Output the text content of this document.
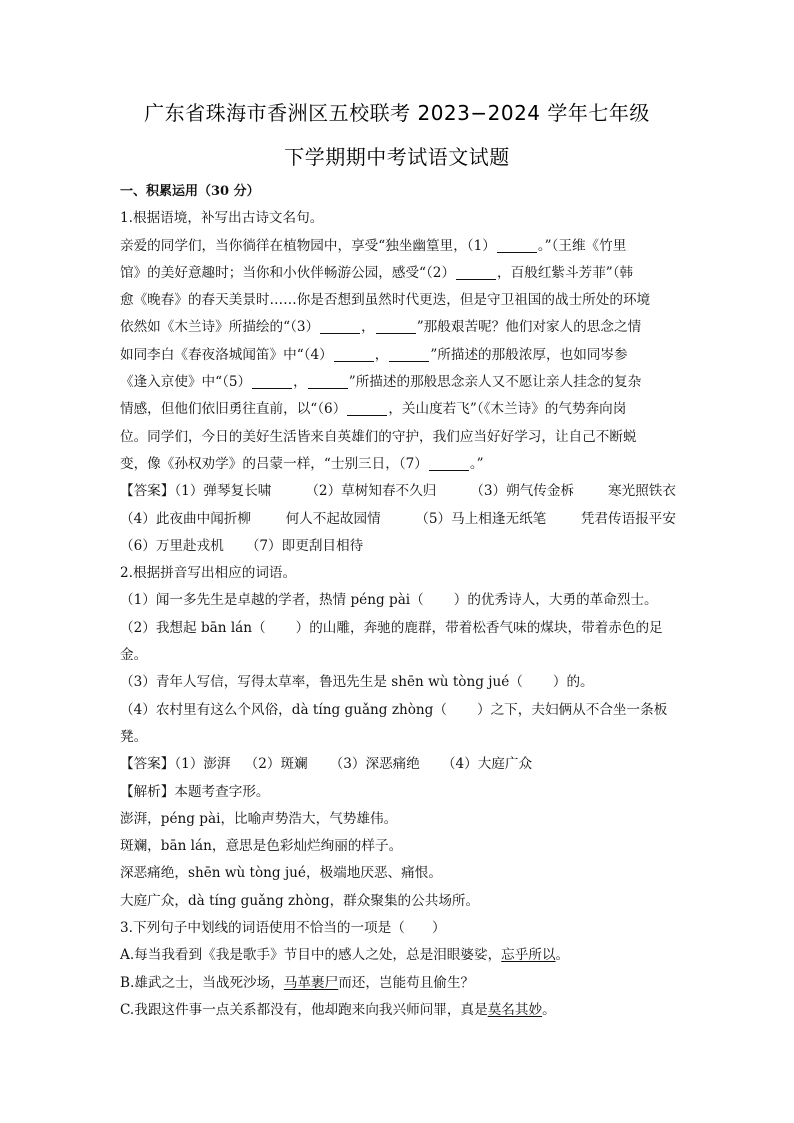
广东省珠海市香洲区五校联考 2023−2024 学年七年级
下学期期中考试语文试题

一、积累运用（30 分）

1.根据语境，补写出古诗文名句。

亲爱的同学们，当你徜徉在植物园中，享受“独坐幽篁里，（1）	。”（王维《竹里

馆》的美好意趣时；当你和小伙伴畅游公园，感受“（2）	，百般红紫斗芳菲”（韩

愈《晚春》的春天美景时……你是否想到虽然时代更迭，但是守卫祖国的战士所处的环境

依然如《木兰诗》所描绘的“（3）	，	”那般艰苦呢？他们对家人的思念之情

如同李白《春夜洛城闻笛》中“（4）	，	”所描述的那般浓厚，也如同岑参

《逢入京使》中“（5）	，	”所描述的那般思念亲人又不愿让亲人挂念的复杂

情感，但他们依旧勇往直前，以“（6）	，关山度若飞”（《木兰诗》的气势奔向岗

位。同学们，今日的美好生活皆来自英雄们的守护，我们应当好好学习，让自己不断蜕

变，像《孙权劝学》的吕蒙一样，“士别三日，（7）	。”

【答案】（1）弹琴复长啸 （2）草树知春不久归 （3）朔气传金柝 寒光照铁衣

（4）此夜曲中闻折柳	何人不起故园情	（5）马上相逢无纸笔	凭君传语报平安

（6）万里赴戎机 （7）即更刮目相待

2.根据拼音写出相应的词语。

（1）闻一多先生是卓越的学者，热情 péng pài（ ）的优秀诗人，大勇的革命烈士。

（2）我想起 bān lán（ ）的山雕，奔驰的鹿群，带着松香气味的煤块，带着赤色的足

金。

（3）青年人写信，写得太草率，鲁迅先生是 shēn wù tòng jué（ ）的。

（4）农村里有这么个风俗，dà tíng guǎng zhòng（ ）之下，夫妇俩从不合坐一条板

凳。

【答案】（1）澎湃 （2）斑斓 （3）深恶痛绝 （4）大庭广众

【解析】本题考查字形。

澎湃，péng pài，比喻声势浩大，气势雄伟。

斑斓，bān lán，意思是色彩灿烂绚丽的样子。

深恶痛绝，shēn wù tòng jué，极端地厌恶、痛恨。

大庭广众，dà tíng guǎng zhòng，群众聚集的公共场所。

3.下列句子中划线的词语使用不恰当的一项是（　　）

A.每当我看到《我是歌手》节目中的感人之处，总是泪眼婆娑，忘乎所以。

B.雄武之士，当战死沙场，马革裹尸而还，岂能苟且偷生？

C.我跟这件事一点关系都没有，他却跑来向我兴师问罪，真是莫名其妙。
